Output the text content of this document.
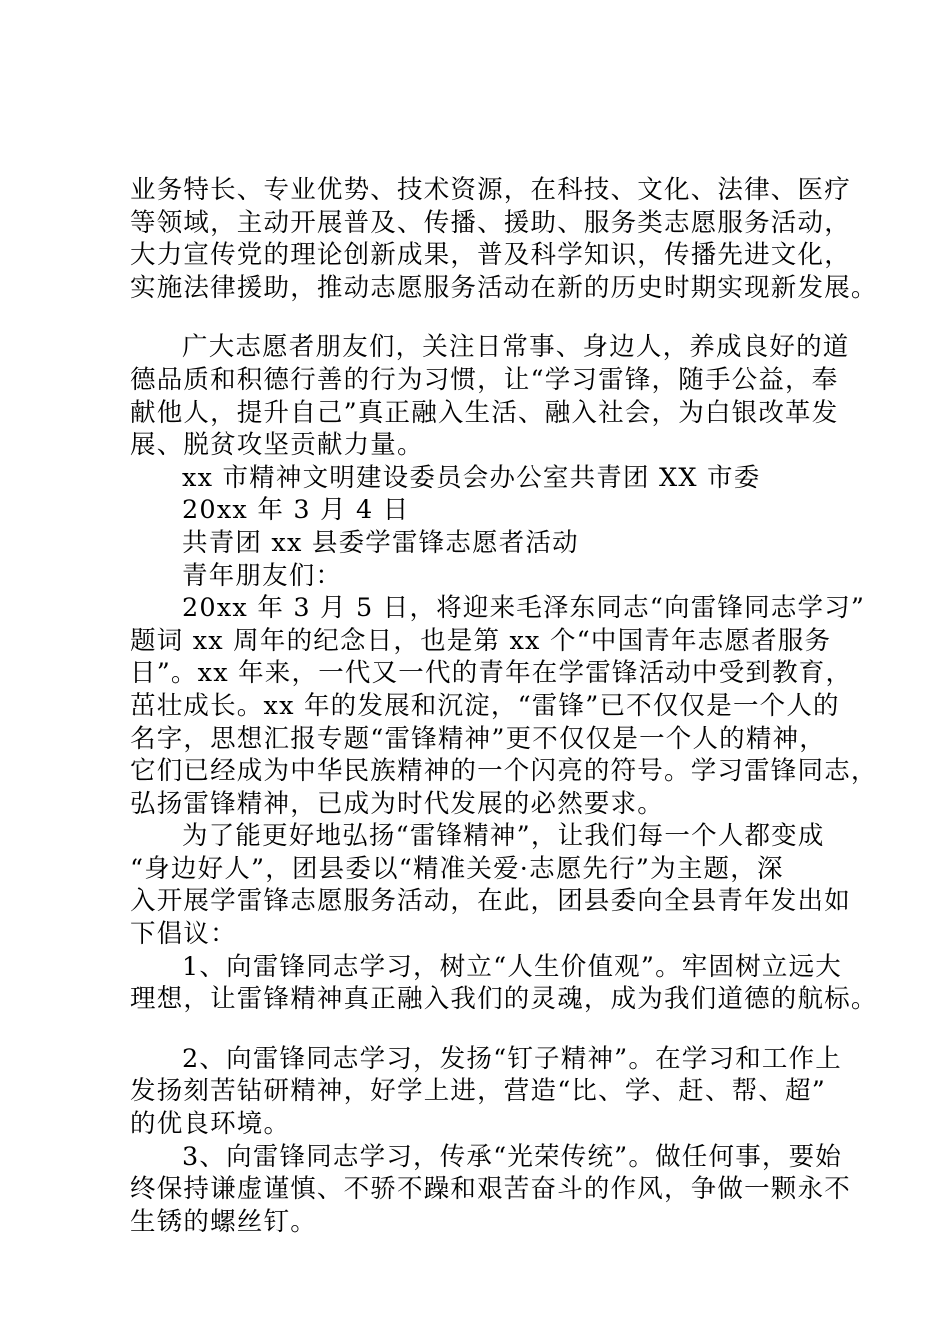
业务特长、专业优势、技术资源，在科技、文化、法律、医疗
等领域，主动开展普及、传播、援助、服务类志愿服务活动，
大力宣传党的理论创新成果，普及科学知识，传播先进文化，
实施法律援助，推动志愿服务活动在新的历史时期实现新发展。
广大志愿者朋友们，关注日常事、身边人，养成良好的道
德品质和积德行善的行为习惯，让“学习雷锋，随手公益，奉
献他人，提升自己”真正融入生活、融入社会，为白银改革发
展、脱贫攻坚贡献力量。
xx 市精神文明建设委员会办公室共青团 XX 市委
20xx 年 3 月 4 日
共青团 xx 县委学雷锋志愿者活动
青年朋友们：
20xx 年 3 月 5 日，将迎来毛泽东同志“向雷锋同志学习”
题词 xx 周年的纪念日，也是第 xx 个“中国青年志愿者服务
日”。xx 年来，一代又一代的青年在学雷锋活动中受到教育，
茁壮成长。xx 年的发展和沉淀，“雷锋”已不仅仅是一个人的
名字，思想汇报专题“雷锋精神”更不仅仅是一个人的精神，
它们已经成为中华民族精神的一个闪亮的符号。学习雷锋同志，
弘扬雷锋精神，已成为时代发展的必然要求。
为了能更好地弘扬“雷锋精神”，让我们每一个人都变成
“身边好人”，团县委以“精准关爱·志愿先行”为主题，深
入开展学雷锋志愿服务活动，在此，团县委向全县青年发出如
下倡议：
1、向雷锋同志学习，树立“人生价值观”。牢固树立远大
理想，让雷锋精神真正融入我们的灵魂，成为我们道德的航标。
2、向雷锋同志学习，发扬“钉子精神”。在学习和工作上
发扬刻苦钻研精神，好学上进，营造“比、学、赶、帮、超”
的优良环境。
3、向雷锋同志学习，传承“光荣传统”。做任何事，要始
终保持谦虚谨慎、不骄不躁和艰苦奋斗的作风，争做一颗永不
生锈的螺丝钉。
